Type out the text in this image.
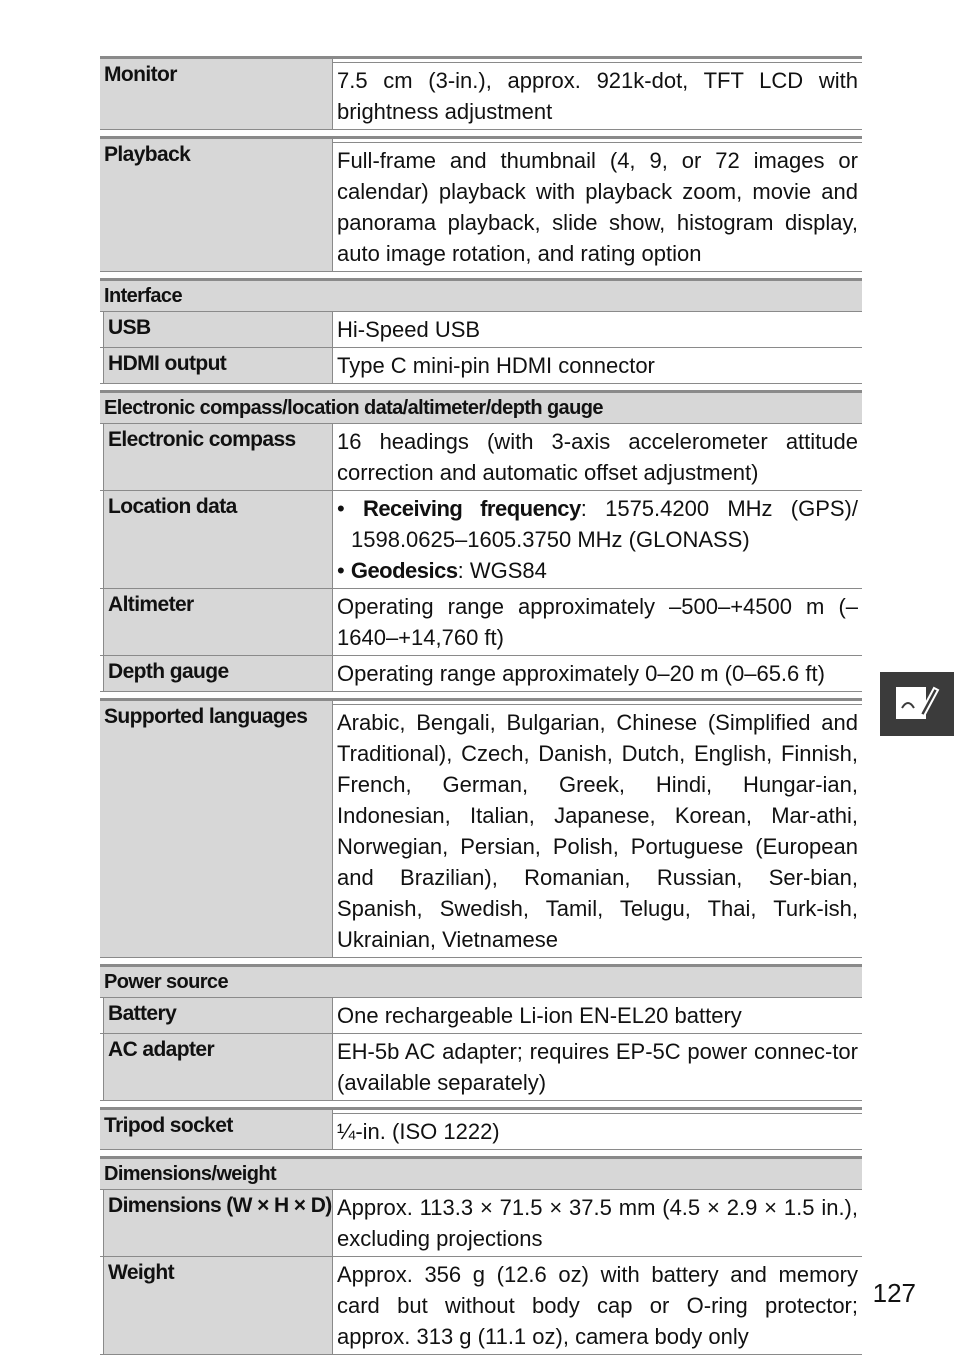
Monitor	7.5 cm (3-in.), approx. 921k-dot, TFT LCD with brightness adjustment
Playback	Full-frame and thumbnail (4, 9, or 72 images or calendar) playback with playback zoom, movie and panorama playback, slide show, histogram display, auto image rotation, and rating option
Interface
USB	Hi-Speed USB
HDMI output	Type C mini-pin HDMI connector
Electronic compass/location data/altimeter/depth gauge
Electronic compass	16 headings (with 3-axis accelerometer attitude correction and automatic offset adjustment)
Location data	• Receiving frequency: 1575.4200 MHz (GPS)/ 1598.0625–1605.3750 MHz (GLONASS)
• Geodesics: WGS84
Altimeter	Operating range approximately –500–+4500 m (–1640–+14,760 ft)
Depth gauge	Operating range approximately 0–20 m (0–65.6 ft)
Supported languages	Arabic, Bengali, Bulgarian, Chinese (Simplified and Traditional), Czech, Danish, Dutch, English, Finnish, French, German, Greek, Hindi, Hungar-ian, Indonesian, Italian, Japanese, Korean, Mar-athi, Norwegian, Persian, Polish, Portuguese (European and Brazilian), Romanian, Russian, Ser-bian, Spanish, Swedish, Tamil, Telugu, Thai, Turk-ish, Ukrainian, Vietnamese
Power source
Battery	One rechargeable Li-ion EN-EL20 battery
AC adapter	EH-5b AC adapter; requires EP-5C power connec-tor (available separately)
Tripod socket	¼-in. (ISO 1222)
Dimensions/weight
Dimensions (W × H × D) Approx. 113.3 × 71.5 × 37.5 mm (4.5 × 2.9 × 1.5 in.), excluding projections
Weight	Approx. 356 g (12.6 oz) with battery and memory card but without body cap or O-ring protector; approx. 313 g (11.1 oz), camera body only
127
